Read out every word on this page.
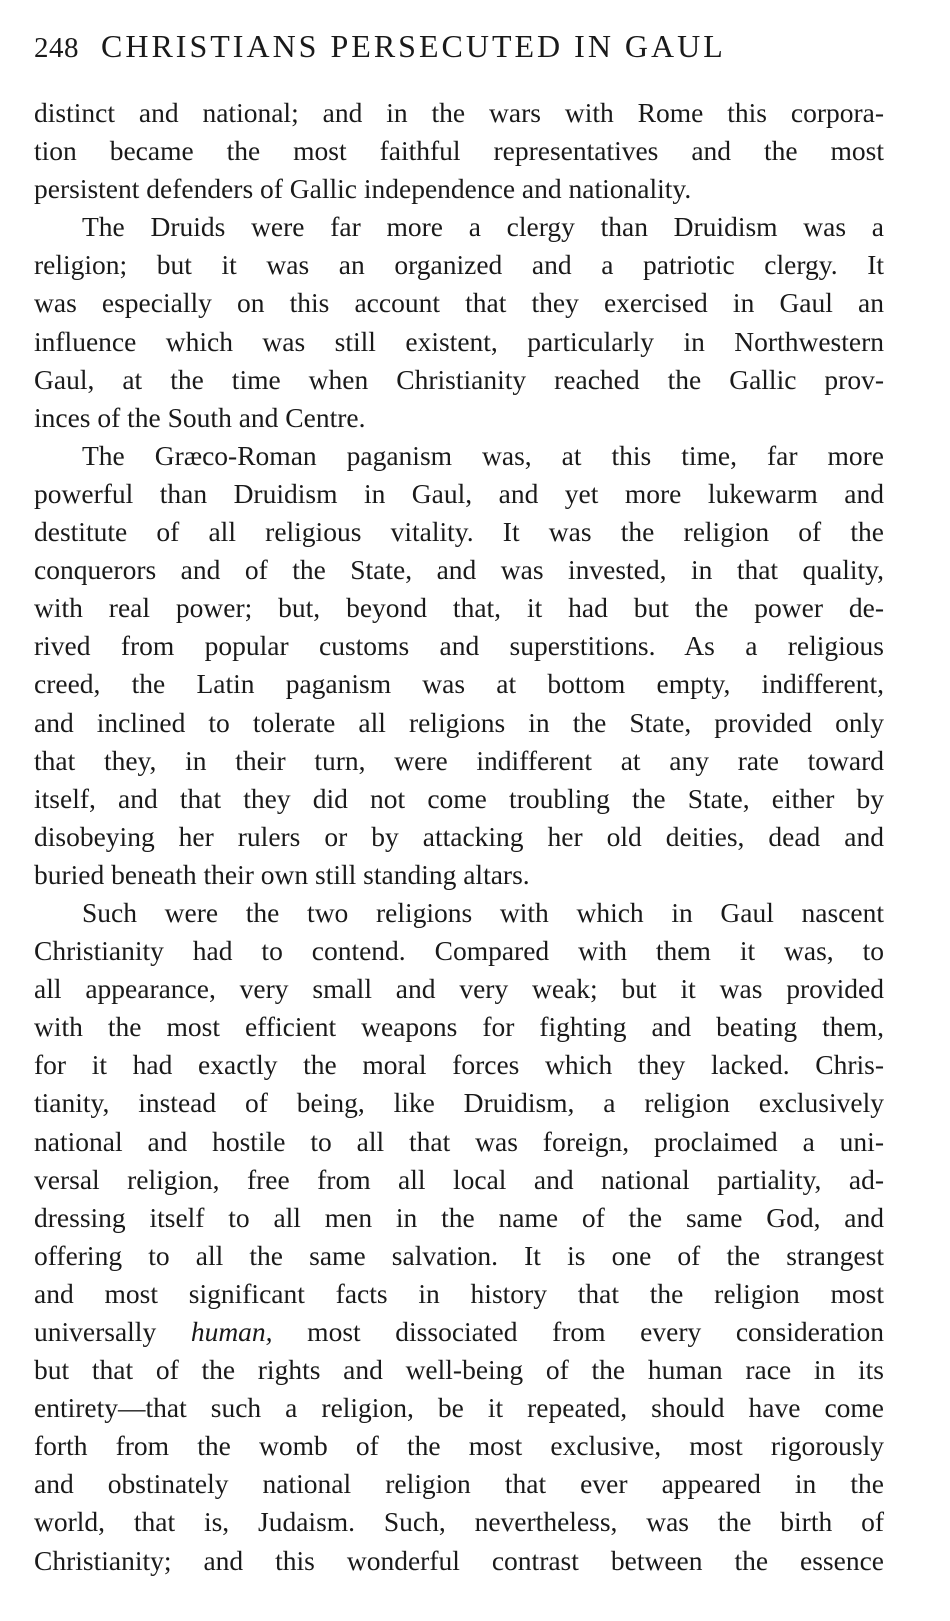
248 CHRISTIANS PERSECUTED IN GAUL
distinct and national; and in the wars with Rome this corpora-
tion became the most faithful representatives and the most
persistent defenders of Gallic independence and nationality.
The Druids were far more a clergy than Druidism was a
religion; but it was an organized and a patriotic clergy. It
was especially on this account that they exercised in Gaul an
influence which was still existent, particularly in Northwestern
Gaul, at the time when Christianity reached the Gallic prov-
inces of the South and Centre.
The Græco-Roman paganism was, at this time, far more
powerful than Druidism in Gaul, and yet more lukewarm and
destitute of all religious vitality. It was the religion of the
conquerors and of the State, and was invested, in that quality,
with real power; but, beyond that, it had but the power de-
rived from popular customs and superstitions. As a religious
creed, the Latin paganism was at bottom empty, indifferent,
and inclined to tolerate all religions in the State, provided only
that they, in their turn, were indifferent at any rate toward
itself, and that they did not come troubling the State, either by
disobeying her rulers or by attacking her old deities, dead and
buried beneath their own still standing altars.
Such were the two religions with which in Gaul nascent
Christianity had to contend. Compared with them it was, to
all appearance, very small and very weak; but it was provided
with the most efficient weapons for fighting and beating them,
for it had exactly the moral forces which they lacked. Chris-
tianity, instead of being, like Druidism, a religion exclusively
national and hostile to all that was foreign, proclaimed a uni-
versal religion, free from all local and national partiality, ad-
dressing itself to all men in the name of the same God, and
offering to all the same salvation. It is one of the strangest
and most significant facts in history that the religion most
universally human, most dissociated from every consideration
but that of the rights and well-being of the human race in its
entirety—that such a religion, be it repeated, should have come
forth from the womb of the most exclusive, most rigorously
and obstinately national religion that ever appeared in the
world, that is, Judaism. Such, nevertheless, was the birth of
Christianity; and this wonderful contrast between the essence
